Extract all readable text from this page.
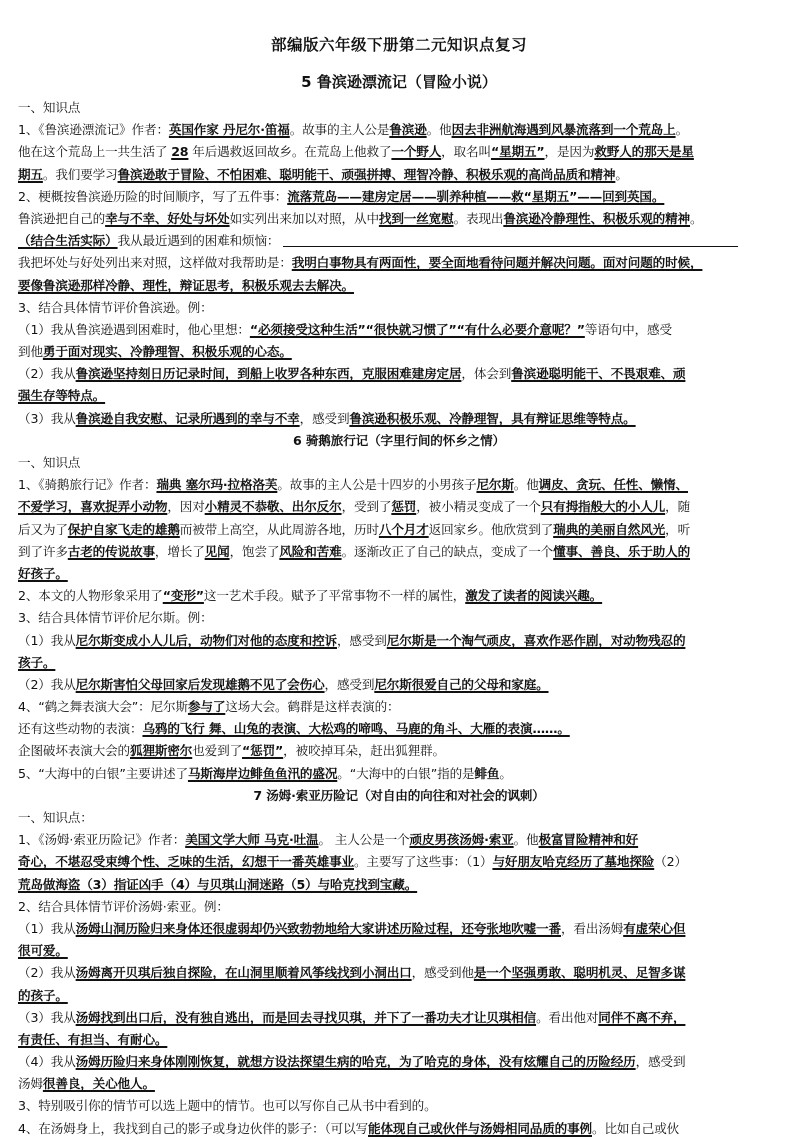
部编版六年级下册第二元知识点复习
5 鲁滨逊漂流记（冒险小说）
一、知识点
1、《鲁滨逊漂流记》作者：英国作家 丹尼尔·笛福。故事的主人公是鲁滨逊。他因去非洲航海遇到风暴流落到一个荒岛上。
他在这个荒岛上一共生活了 28 年后遇救返回故乡。在荒岛上他救了一个野人，取名叫“星期五”，是因为救野人的那天是星
期五。我们要学习鲁滨逊敢于冒险、不怕困难、聪明能干、顽强拼搏、理智冷静、积极乐观的高尚品质和精神。
2、梗概按鲁滨逊历险的时间顺序，写了五件事：流落荒岛——建房定居——驯养种植——救“星期五”——回到英国。
鲁滨逊把自己的幸与不幸、好处与坏处如实列出来加以对照，从中找到一丝宽慰。表现出鲁滨逊冷静理性、积极乐观的精神。
（结合生活实际）我从最近遇到的困难和烦恼：
我把坏处与好处列出来对照，这样做对我帮助是：我明白事物具有两面性，要全面地看待问题并解决问题。面对问题的时候，
要像鲁滨逊那样冷静、理性，辩证思考，积极乐观去去解决。
3、结合具体情节评价鲁滨逊。例：
（1）我从鲁滨逊遇到困难时，他心里想：“必须接受这种生活”“很快就习惯了”“有什么必要介意呢？”等语句中，感受
到他勇于面对现实、冷静理智、积极乐观的心态。
（2）我从鲁滨逊坚持刻日历记录时间，到船上收罗各种东西，克服困难建房定居，体会到鲁滨逊聪明能干、不畏艰难、顽
强生存等特点。
（3）我从鲁滨逊自我安慰、记录所遇到的幸与不幸，感受到鲁滨逊积极乐观、冷静理智，具有辩证思维等特点。
6 骑鹅旅行记（字里行间的怀乡之情）
一、知识点
1、《骑鹅旅行记》作者：瑞典 塞尔玛·拉格洛芙。故事的主人公是十四岁的小男孩子尼尔斯。他调皮、贪玩、任性、懒惰、
不爱学习，喜欢捉弄小动物，因对小精灵不恭敬、出尔反尔，受到了惩罚，被小精灵变成了一个只有拇指般大的小人儿，随
后又为了保护自家飞走的雄鹅而被带上高空，从此周游各地，历时八个月才返回家乡。他欣赏到了瑞典的美丽自然风光，听
到了许多古老的传说故事，增长了见闻，饱尝了风险和苦难。逐渐改正了自己的缺点，变成了一个懂事、善良、乐于助人的
好孩子。
2、本文的人物形象采用了“变形”这一艺术手段。赋予了平常事物不一样的属性，激发了读者的阅读兴趣。
3、结合具体情节评价尼尔斯。例：
（1）我从尼尔斯变成小人儿后，动物们对他的态度和控诉，感受到尼尔斯是一个淘气顽皮，喜欢作恶作剧，对动物残忍的
孩子。
（2）我从尼尔斯害怕父母回家后发现雄鹅不见了会伤心，感受到尼尔斯很爱自己的父母和家庭。
4、“鹤之舞表演大会”：尼尔斯参与了这场大会。鹤群是这样表演的：
还有这些动物的表演：乌鸦的飞行 舞、山兔的表演、大松鸡的啼鸣、马鹿的角斗、大雁的表演……。
企图破坏表演大会的狐狸斯密尔也爱到了“惩罚”，被咬掉耳朵，赶出狐狸群。
5、“大海中的白银”主要讲述了马斯海岸边鲱鱼鱼汛的盛况。“大海中的白银”指的是鲱鱼。
7 汤姆·索亚历险记（对自由的向往和对社会的讽刺）
一、知识点：
1、《汤姆·索亚历险记》作者：美国文学大师 马克·吐温。 主人公是一个顽皮男孩汤姆·索亚。他极富冒险精神和好
奇心，不堪忍受束缚个性、乏味的生活，幻想干一番英雄事业。主要写了这些事：（1）与好朋友哈克经历了墓地探险（2）
荒岛做海盗（3）指证凶手（4）与贝琪山洞迷路（5）与哈克找到宝藏。
2、结合具体情节评价汤姆·索亚。例：
（1）我从汤姆山洞历险归来身体还很虚弱却仍兴致勃勃地给大家讲述历险过程，还夸张地吹嘘一番，看出汤姆有虚荣心但
很可爱。
（2）我从汤姆离开贝琪后独自探险，在山洞里顺着风筝线找到小洞出口，感受到他是一个坚强勇敢、聪明机灵、足智多谋
的孩子。
（3）我从汤姆找到出口后，没有独自逃出，而是回去寻找贝琪，并下了一番功夫才让贝琪相信。看出他对同伴不离不弃，
有责任、有担当、有耐心。
（4）我从汤姆历险归来身体刚刚恢复，就想方设法探望生病的哈克，为了哈克的身体，没有炫耀自己的历险经历，感受到
汤姆很善良，关心他人。
3、特别吸引你的情节可以选上题中的情节。也可以写你自己从书中看到的。
4、在汤姆身上，我找到自己的影子或身边伙伴的影子：（可以写能体现自己或伙伴与汤姆相同品质的事例。比如自己或伙
